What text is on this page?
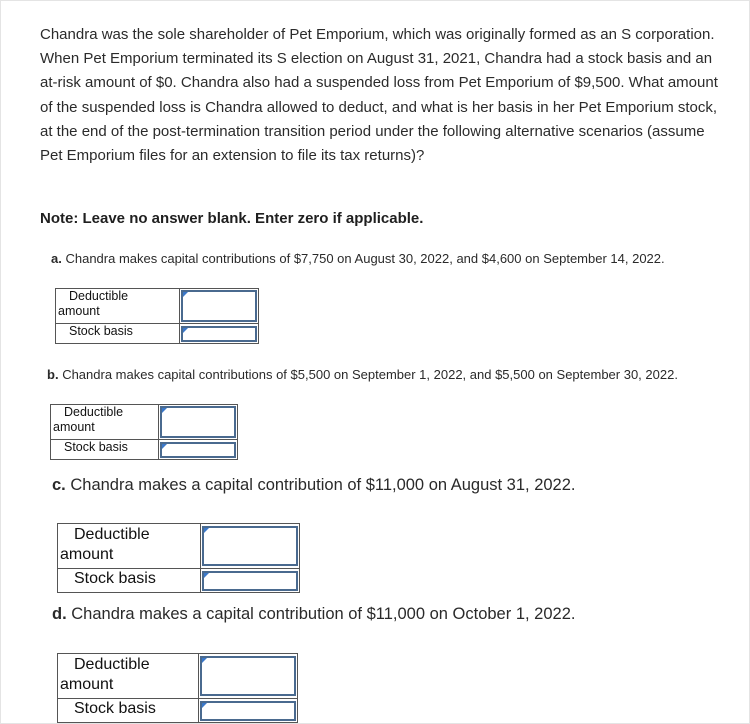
Chandra was the sole shareholder of Pet Emporium, which was originally formed as an S corporation. When Pet Emporium terminated its S election on August 31, 2021, Chandra had a stock basis and an at-risk amount of $0. Chandra also had a suspended loss from Pet Emporium of $9,500. What amount of the suspended loss is Chandra allowed to deduct, and what is her basis in her Pet Emporium stock, at the end of the post-termination transition period under the following alternative scenarios (assume Pet Emporium files for an extension to file its tax returns)?

Note: Leave no answer blank. Enter zero if applicable.

a. Chandra makes capital contributions of $7,750 on August 30, 2022, and $4,600 on September 14, 2022.

Deductible
amount	

Stock basis	

b. Chandra makes capital contributions of $5,500 on September 1, 2022, and $5,500 on September 30, 2022.

Deductible
amount	

Stock basis	

c. Chandra makes a capital contribution of $11,000 on August 31, 2022.

Deductible
amount	

Stock basis	

d. Chandra makes a capital contribution of $11,000 on October 1, 2022.

Deductible
amount	

Stock basis	
